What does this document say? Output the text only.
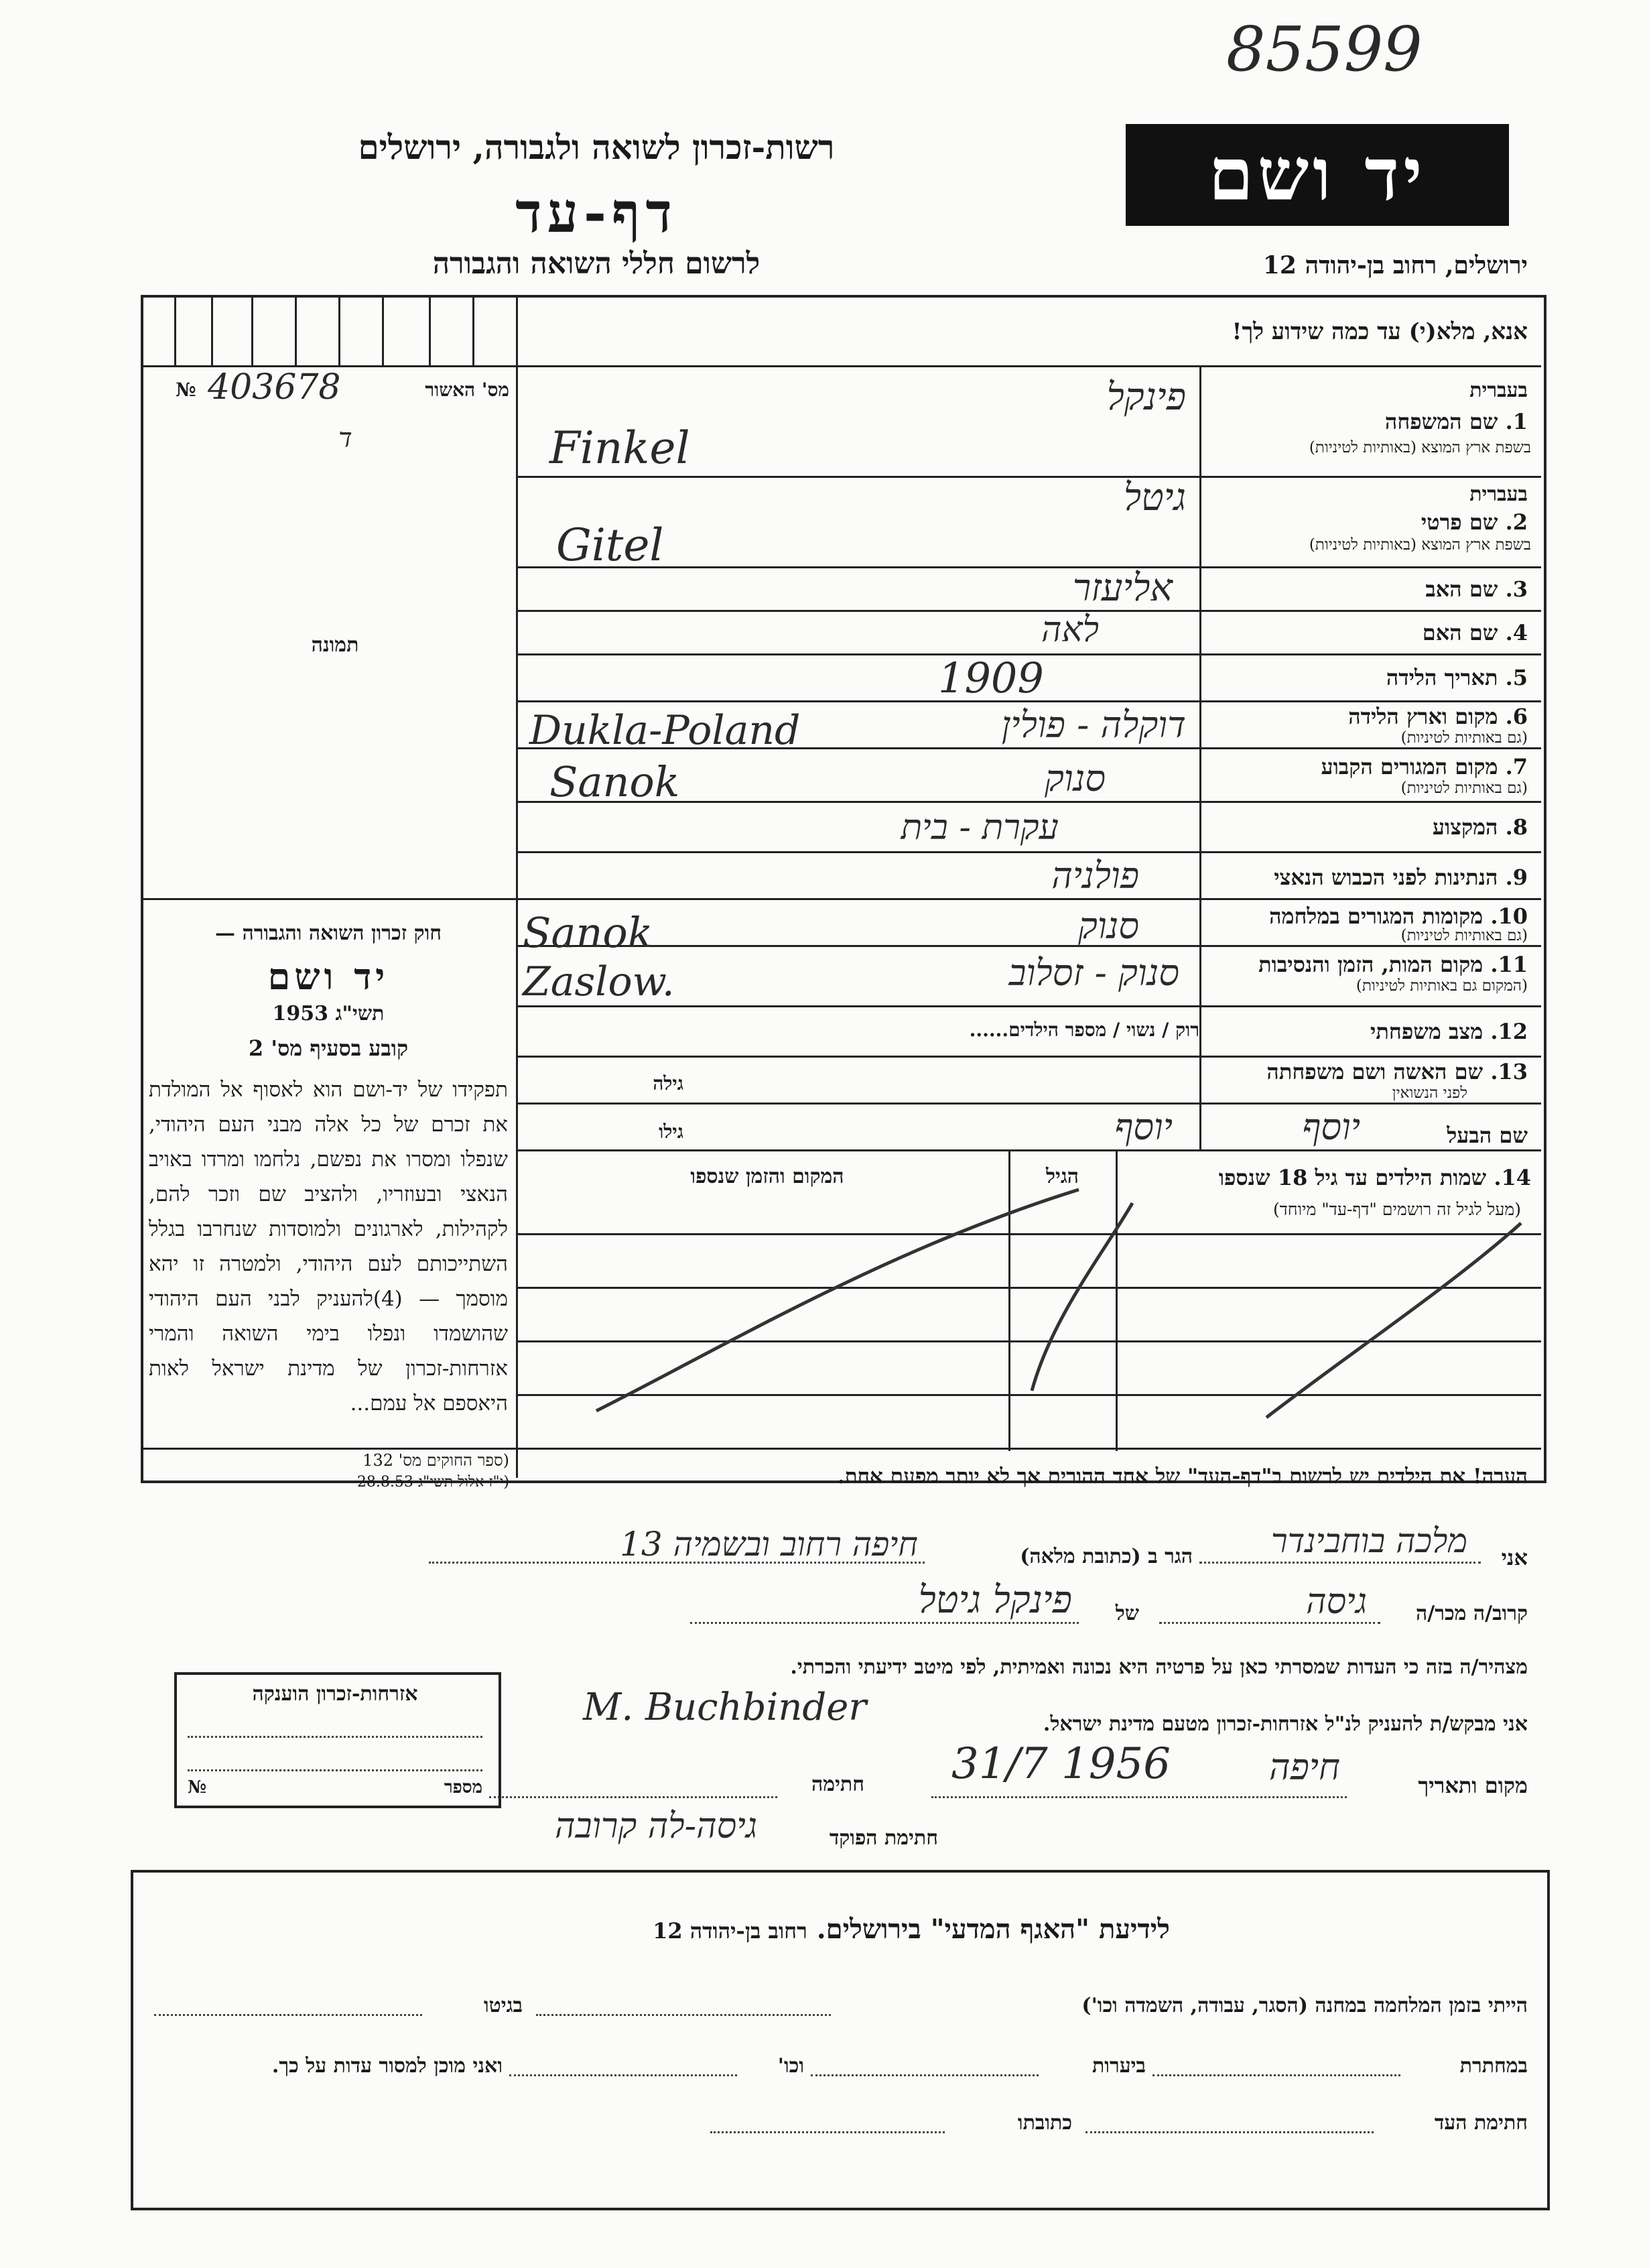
85599
רשות-זכרון לשואה ולגבורה, ירושלים
דף-עד
לרשום חללי השואה והגבורה
יד ושם
ירושלים, רחוב בן-יהודה 12
אנא, מלא(י) עד כמה שידוע לך!
מס' האשור
№ 403678
ד
תמונה
חוק זכרון השואה והגבורה —
יד ושם
תשי"ג 1953
קובע בסעיף מס' 2
תפקידו של יד-ושם הוא לאסוף אל המולדת את זכרם של כל אלה מבני העם היהודי, שנפלו ומסרו את נפשם, נלחמו ומרדו באויב הנאצי ובעוזריו, ולהציב שם וזכר להם, לקהילות, לארגונים ולמוסדות שנחרבו בגלל השתייכותם לעם היהודי, ולמטרה זו יהא מוסמך — (4)להעניק לבני העם היהודי שהושמדו ונפלו בימי השואה והמרי אזרחות-זכרון של מדינת ישראל לאות היאספם אל עמם...
(ספר החוקים מס' 132
י"ז אלול תשי"ג 28.8.53)
בעברית
1. שם המשפחה
בשפת ארץ המוצא (באותיות לטיניות)
פינקל
Finkel
בעברית
2. שם פרטי
בשפת ארץ המוצא (באותיות לטיניות)
גיטל
Gitel
3. שם האב
אליעזר
4. שם האם
לאה
5. תאריך הלידה
1909
6. מקום וארץ הלידה
(גם באותיות לטיניות)
דוקלה - פולין
Dukla-Poland
7. מקום המגורים הקבוע
(גם באותיות לטיניות)
סנוק
Sanok
8. המקצוע
עקרת - בית
9. הנתינות לפני הכבוש הנאצי
פולניה
10. מקומות המגורים במלחמה
(גם באותיות לטיניות)
סנוק
Sanok
11. מקום המות, הזמן והנסיבות
(המקום גם באותיות לטיניות)
סנוק - זסלוב
Zaslow.
12. מצב משפחתי
רוק / נשוי / מספר הילדים......
13. שם האשה ושם משפחתה
לפני הנשואין
גילה
שם הבעל
יוסף
יוסף
גילו
14. שמות הילדים עד גיל 18 שנספו
(מעל לגיל זה רושמים "דף-עד" מיוחד)
הגיל
המקום והזמן שנספו
הערה! את הילדים יש לרשום ב"דף-העד" של אחד ההורים אך לא יותר מפעם אחת.
אני
מלכה בוחבינדר
הגר ב (כתובת מלאה)
חיפה רחוב ובשמיה 13
קרוב/ה מכר/ה
גיסה
של
פינקל גיטל
מצהיר/ה בזה כי העדות שמסרתי כאן על פרטיה היא נכונה ואמיתית, לפי מיטב ידיעתי והכרתי.
אני מבקש/ת להעניק לנ"ל אזרחות-זכרון מטעם מדינת ישראל.
M. Buchbinder
מקום ותאריך
חיפה
31/7 1956
חתימה
חתימת הפוקד
גיסה-לה קרובה
אזרחות-זכרון הוענקה
מספר
№
לידיעת "האגף המדעי" בירושלים. רחוב בן-יהודה 12
הייתי בזמן המלחמה במחנה (הסגר, עבודה, השמדה וכו')
בגיטו
במחתרת
ביערות
וכו'
ואני מוכן למסור עדות על כך.
חתימת העד
כתובתו
